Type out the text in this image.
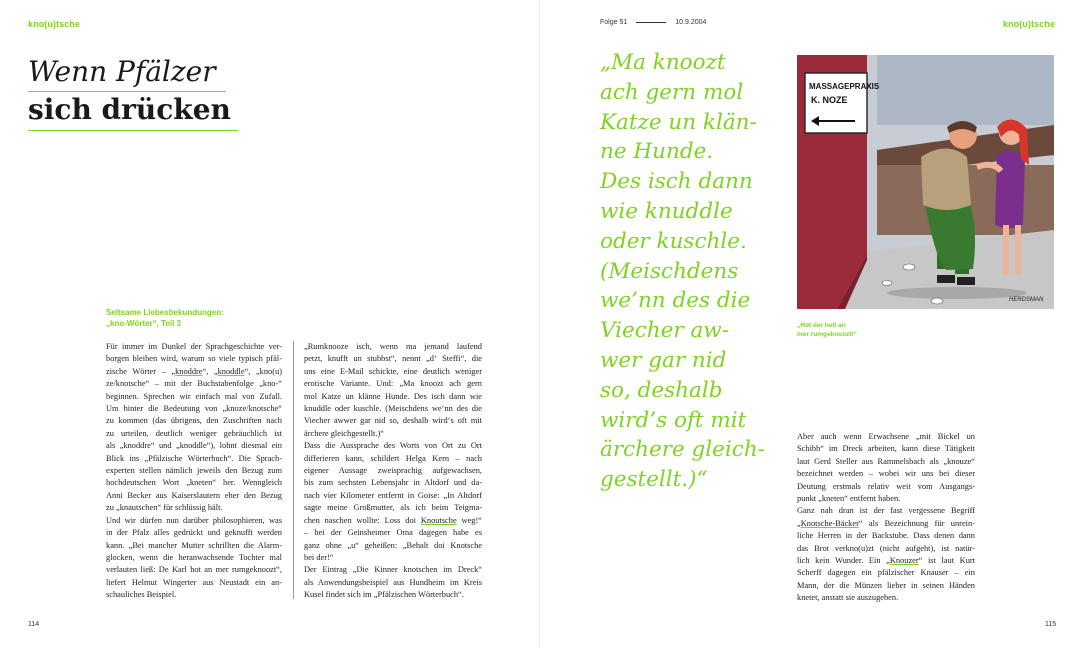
kno(u)tsche
Wenn Pfälzer
sich drücken
Seltsame Liebesbekundungen:
„kno-Wörter“, Teil 3
Für immer im Dunkel der Sprachgeschichte ver-
borgen bleiben wird, warum so viele typisch pfäl-
zische Wörter – „knoddre“, „knoddle“, „kno(u)
ze/knotsche“ – mit der Buchstabenfolge „kno-“
beginnen. Sprechen wir einfach mal von Zufall.
Um hinter die Bedeutung von „knoze/knotsche“
zu kommen (das übrigens, den Zuschriften nach
zu urteilen, deutlich weniger gebräuchlich ist
als „knoddre“ und „knoddle“), lohnt diesmal ein
Blick ins „Pfälzische Wörterbuch“. Die Sprach-
experten stellen nämlich jeweils den Bezug zum
hochdeutschen Wort „kneten“ her. Wenngleich
Anni Becker aus Kaiserslautern eher den Bezug
zu „knautschen“ für schlüssig hält.
Und wir dürfen nun darüber philosophieren, was
in der Pfalz alles gedrückt und geknufft werden
kann. „Bei mancher Mutter schrillten die Alarm-
glocken, wenn die heranwachsende Tochter mal
verlauten ließ: De Karl hot an mer rumgeknoozt“,
liefert Helmut Wingerter aus Neustadt ein an-
schauliches Beispiel.
„Rumknooze isch, wenn ma jemand laufend
petzt, knufft un stubbst“, nennt „d‘ Steffi“, die
uns eine E-Mail schickte, eine deutlich weniger
erotische Variante. Und: „Ma knoozt ach gern
mol Katze un klänne Hunde. Des isch dann wie
knuddle oder kuschle. (Meischdens we‘nn des die
Viecher awwer gar nid so, deshalb wird‘s oft mit
ärchere gleichgestellt.)“
Dass die Aussprache des Worts von Ort zu Ort
differieren kann, schildert Helga Kern – nach
eigener Aussage zweisprachig aufgewachsen,
bis zum sechsten Lebensjahr in Altdorf und da-
nach vier Kilometer entfernt in Goise: „In Altdorf
sagte meine Großmutter, als ich beim Teigma-
chen naschen wollte: Loss doi Knoutsche weg!“
– bei der Geinsheimer Oma dagegen habe es
ganz ohne „u“ geheißen: „Behalt doi Knotsche
bei der!“
Der Eintrag „Die Kinner knotschen im Dreck“
als Anwendungsbeispiel aus Hundheim im Kreis
Kusel findet sich im „Pfälzischen Wörterbuch“.
114
Folge 51	10.9.2004	kno(u)tsche
„Ma knoozt
ach gern mol
Katze un klän-
ne Hunde.
Des isch dann
wie knuddle
oder kuschle.
(Meischdens
we’nn des die
Viecher aw-
wer gar nid
so, deshalb
wird’s oft mit
ärchere gleich-
gestellt.)“
MASSAGEPRAXIS
K. NOZE
HERDSMAN
„Hot der heit an
mer rumgeknoozt!“
Aber auch wenn Erwachsene „mit Bickel un
Schibb“ im Dreck arbeiten, kann diese Tätigkeit
laut Gerd Steller aus Rammelsbach als „knouze“
bezeichnet werden – wobei wir uns bei dieser
Deutung erstmals relativ weit vom Ausgangs-
punkt „kneten“ entfernt haben.
Ganz nah dran ist der fast vergessene Begriff
„Knotsche-Bäcker“ als Bezeichnung für unrein-
liche Herren in der Backstube. Dass denen dann
das Brot verkno(u)zt (nicht aufgeht), ist natür-
lich kein Wunder. Ein „Knouzer“ ist laut Kurt
Scherff dagegen ein pfälzischer Knauser – ein
Mann, der die Münzen lieber in seinen Händen
knetet, anstatt sie auszugeben.
115
